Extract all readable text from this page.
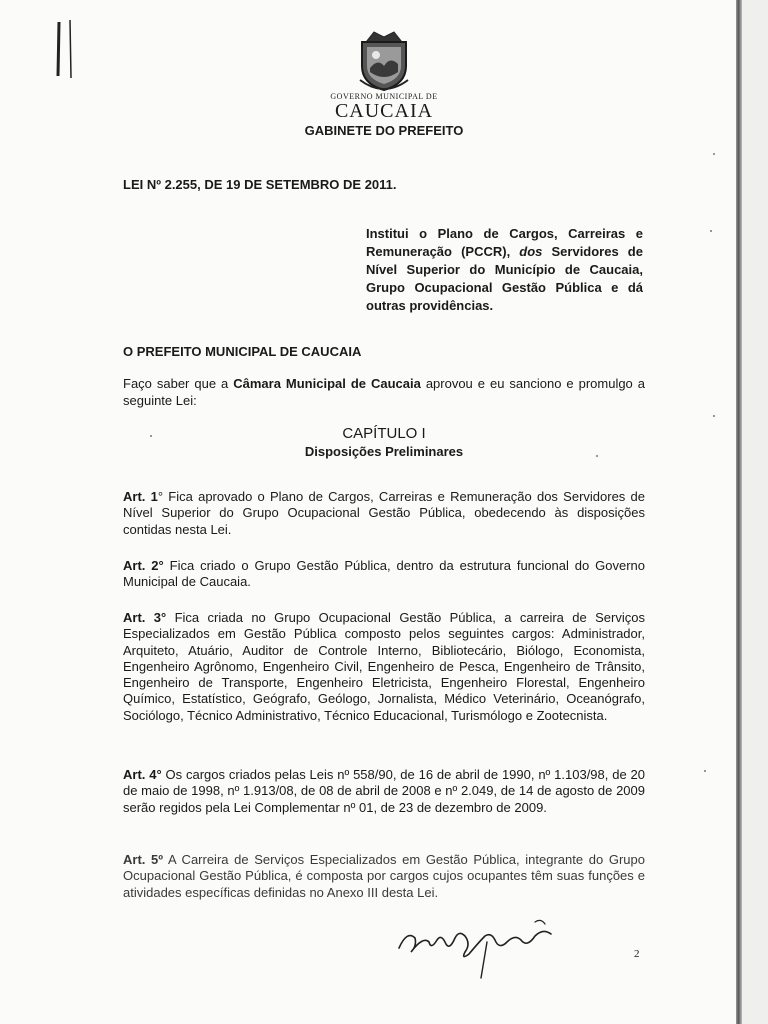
GOVERNO MUNICIPAL DE
CAUCAIA
GABINETE DO PREFEITO
LEI Nº 2.255, DE 19 DE SETEMBRO DE 2011.
Institui o Plano de Cargos, Carreiras e Remuneração (PCCR), dos Servidores de Nível Superior do Município de Caucaia, Grupo Ocupacional Gestão Pública e dá outras providências.
O PREFEITO MUNICIPAL DE CAUCAIA
Faço saber que a Câmara Municipal de Caucaia aprovou e eu sanciono e promulgo a seguinte Lei:
CAPÍTULO I
Disposições Preliminares
Art. 1° Fica aprovado o Plano de Cargos, Carreiras e Remuneração dos Servidores de Nível Superior do Grupo Ocupacional Gestão Pública, obedecendo às disposições contidas nesta Lei.
Art. 2° Fica criado o Grupo Gestão Pública, dentro da estrutura funcional do Governo Municipal de Caucaia.
Art. 3° Fica criada no Grupo Ocupacional Gestão Pública, a carreira de Serviços Especializados em Gestão Pública composto pelos seguintes cargos: Administrador, Arquiteto, Atuário, Auditor de Controle Interno, Bibliotecário, Biólogo, Economista, Engenheiro Agrônomo, Engenheiro Civil, Engenheiro de Pesca, Engenheiro de Trânsito, Engenheiro de Transporte, Engenheiro Eletricista, Engenheiro Florestal, Engenheiro Químico, Estatístico, Geógrafo, Geólogo, Jornalista, Médico Veterinário, Oceanógrafo, Sociólogo, Técnico Administrativo, Técnico Educacional, Turismólogo e Zootecnista.
Art. 4° Os cargos criados pelas Leis nº 558/90, de 16 de abril de 1990, nº 1.103/98, de 20 de maio de 1998, nº 1.913/08, de 08 de abril de 2008 e nº 2.049, de 14 de agosto de 2009 serão regidos pela Lei Complementar nº 01, de 23 de dezembro de 2009.
Art. 5º A Carreira de Serviços Especializados em Gestão Pública, integrante do Grupo Ocupacional Gestão Pública, é composta por cargos cujos ocupantes têm suas funções e atividades específicas definidas no Anexo III desta Lei.
2
